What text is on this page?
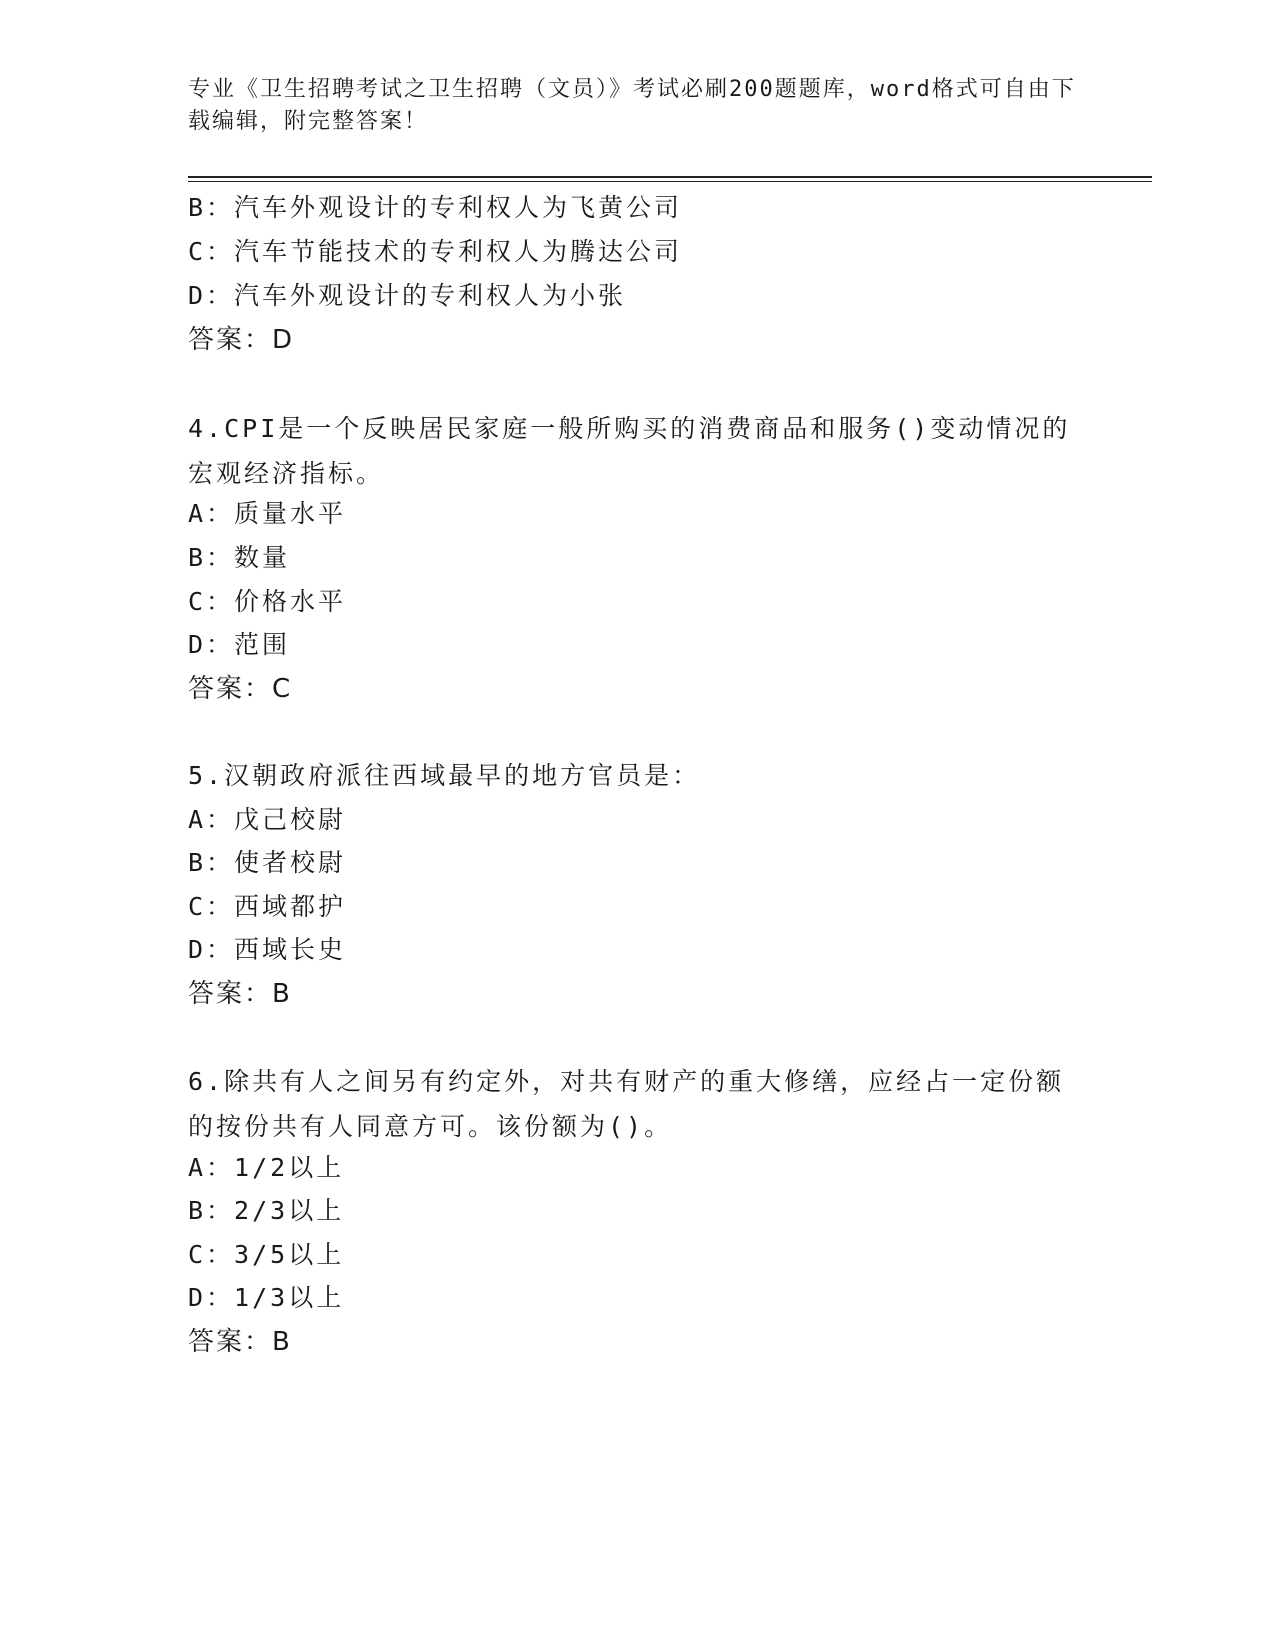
专业《卫生招聘考试之卫生招聘（文员）》考试必刷200题题库，word格式可自由下载编辑，附完整答案！
B：汽车外观设计的专利权人为飞黄公司
C：汽车节能技术的专利权人为腾达公司
D：汽车外观设计的专利权人为小张
答案：D
4.CPI是一个反映居民家庭一般所购买的消费商品和服务()变动情况的宏观经济指标。
A：质量水平
B：数量
C：价格水平
D：范围
答案：C
5.汉朝政府派往西域最早的地方官员是：
A：戊己校尉
B：使者校尉
C：西域都护
D：西域长史
答案：B
6.除共有人之间另有约定外，对共有财产的重大修缮，应经占一定份额的按份共有人同意方可。该份额为()。
A：1/2以上
B：2/3以上
C：3/5以上
D：1/3以上
答案：B
